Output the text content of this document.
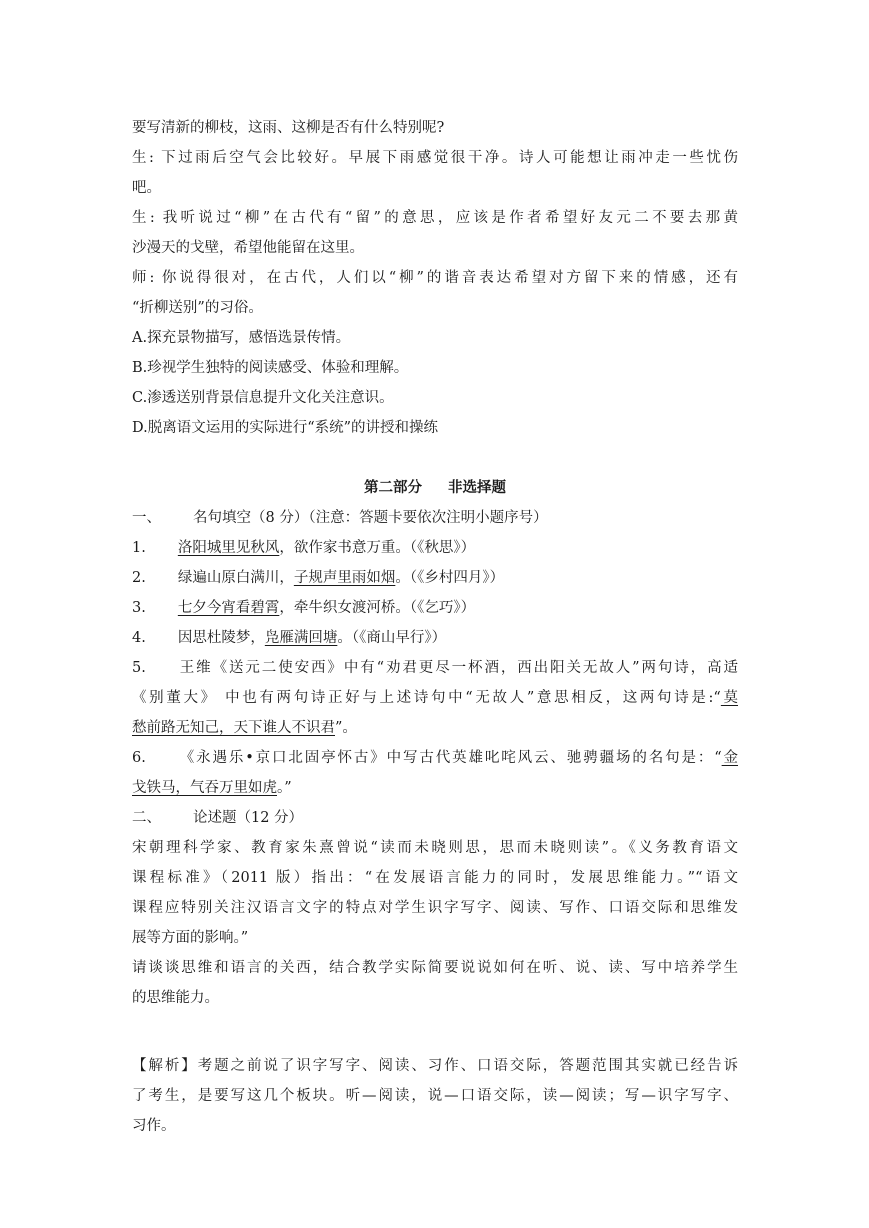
要写清新的柳枝，这雨、这柳是否有什么特别呢?
生: 下过雨后空气会比较好。早展下雨感觉很干净。诗人可能想让雨冲走一些忧伤
吧。
生: 我听说过“柳”在古代有“留”的意思，应该是作者希望好友元二不要去那黄
沙漫天的戈壁，希望他能留在这里。
师: 你说得很对，在古代，人们以“柳”的谐音表达希望对方留下来的情感，还有
“折柳送别”的习俗。
A.探充景物描写，感悟选景传情。
B.珍视学生独特的阅读感受、体验和理解。
C.渗透送别背景信息提升文化关注意识。
D.脱离语文运用的实际进行“系统”的讲授和操练
第二部分 非选择题
一、 名句填空（8 分）（注意：答题卡要依次注明小题序号）
1. 洛阳城里见秋风，欲作家书意万重。（《秋思》）
2. 绿遍山原白满川，子规声里雨如烟。（《乡村四月》）
3. 七夕今宵看碧霄，牵牛织女渡河桥。（《乞巧》）
4. 因思杜陵梦，凫雁满回塘。（《商山早行》）
5. 王维《送元二使安西》中有“劝君更尽一杯酒，西出阳关无故人”两句诗，高适
《别董大》 中也有两句诗正好与上述诗句中“无故人”意思相反，这两句诗是:“莫
愁前路无知己，天下谁人不识君”。
6. 《永遇乐•京口北固亭怀古》中写古代英雄叱咤风云、驰骋疆场的名句是：“金
戈铁马，气吞万里如虎。”
二、 论述题（12 分）
宋朝理科学家、教育家朱熹曾说“读而未晓则思，思而未晓则读”。《义务教育语文
课程标准》（2011 版）指出：“在发展语言能力的同时，发展思维能力。”“语文
课程应特别关注汉语言文字的特点对学生识字写字、阅读、写作、口语交际和思维发
展等方面的影响。”
请谈谈思维和语言的关西，结合教学实际简要说说如何在听、说、读、写中培养学生
的思维能力。
【解析】考题之前说了识字写字、阅读、习作、口语交际，答题范围其实就已经告诉
了考生，是要写这几个板块。听—阅读，说—口语交际，读—阅读；写—识字写字、
习作。
